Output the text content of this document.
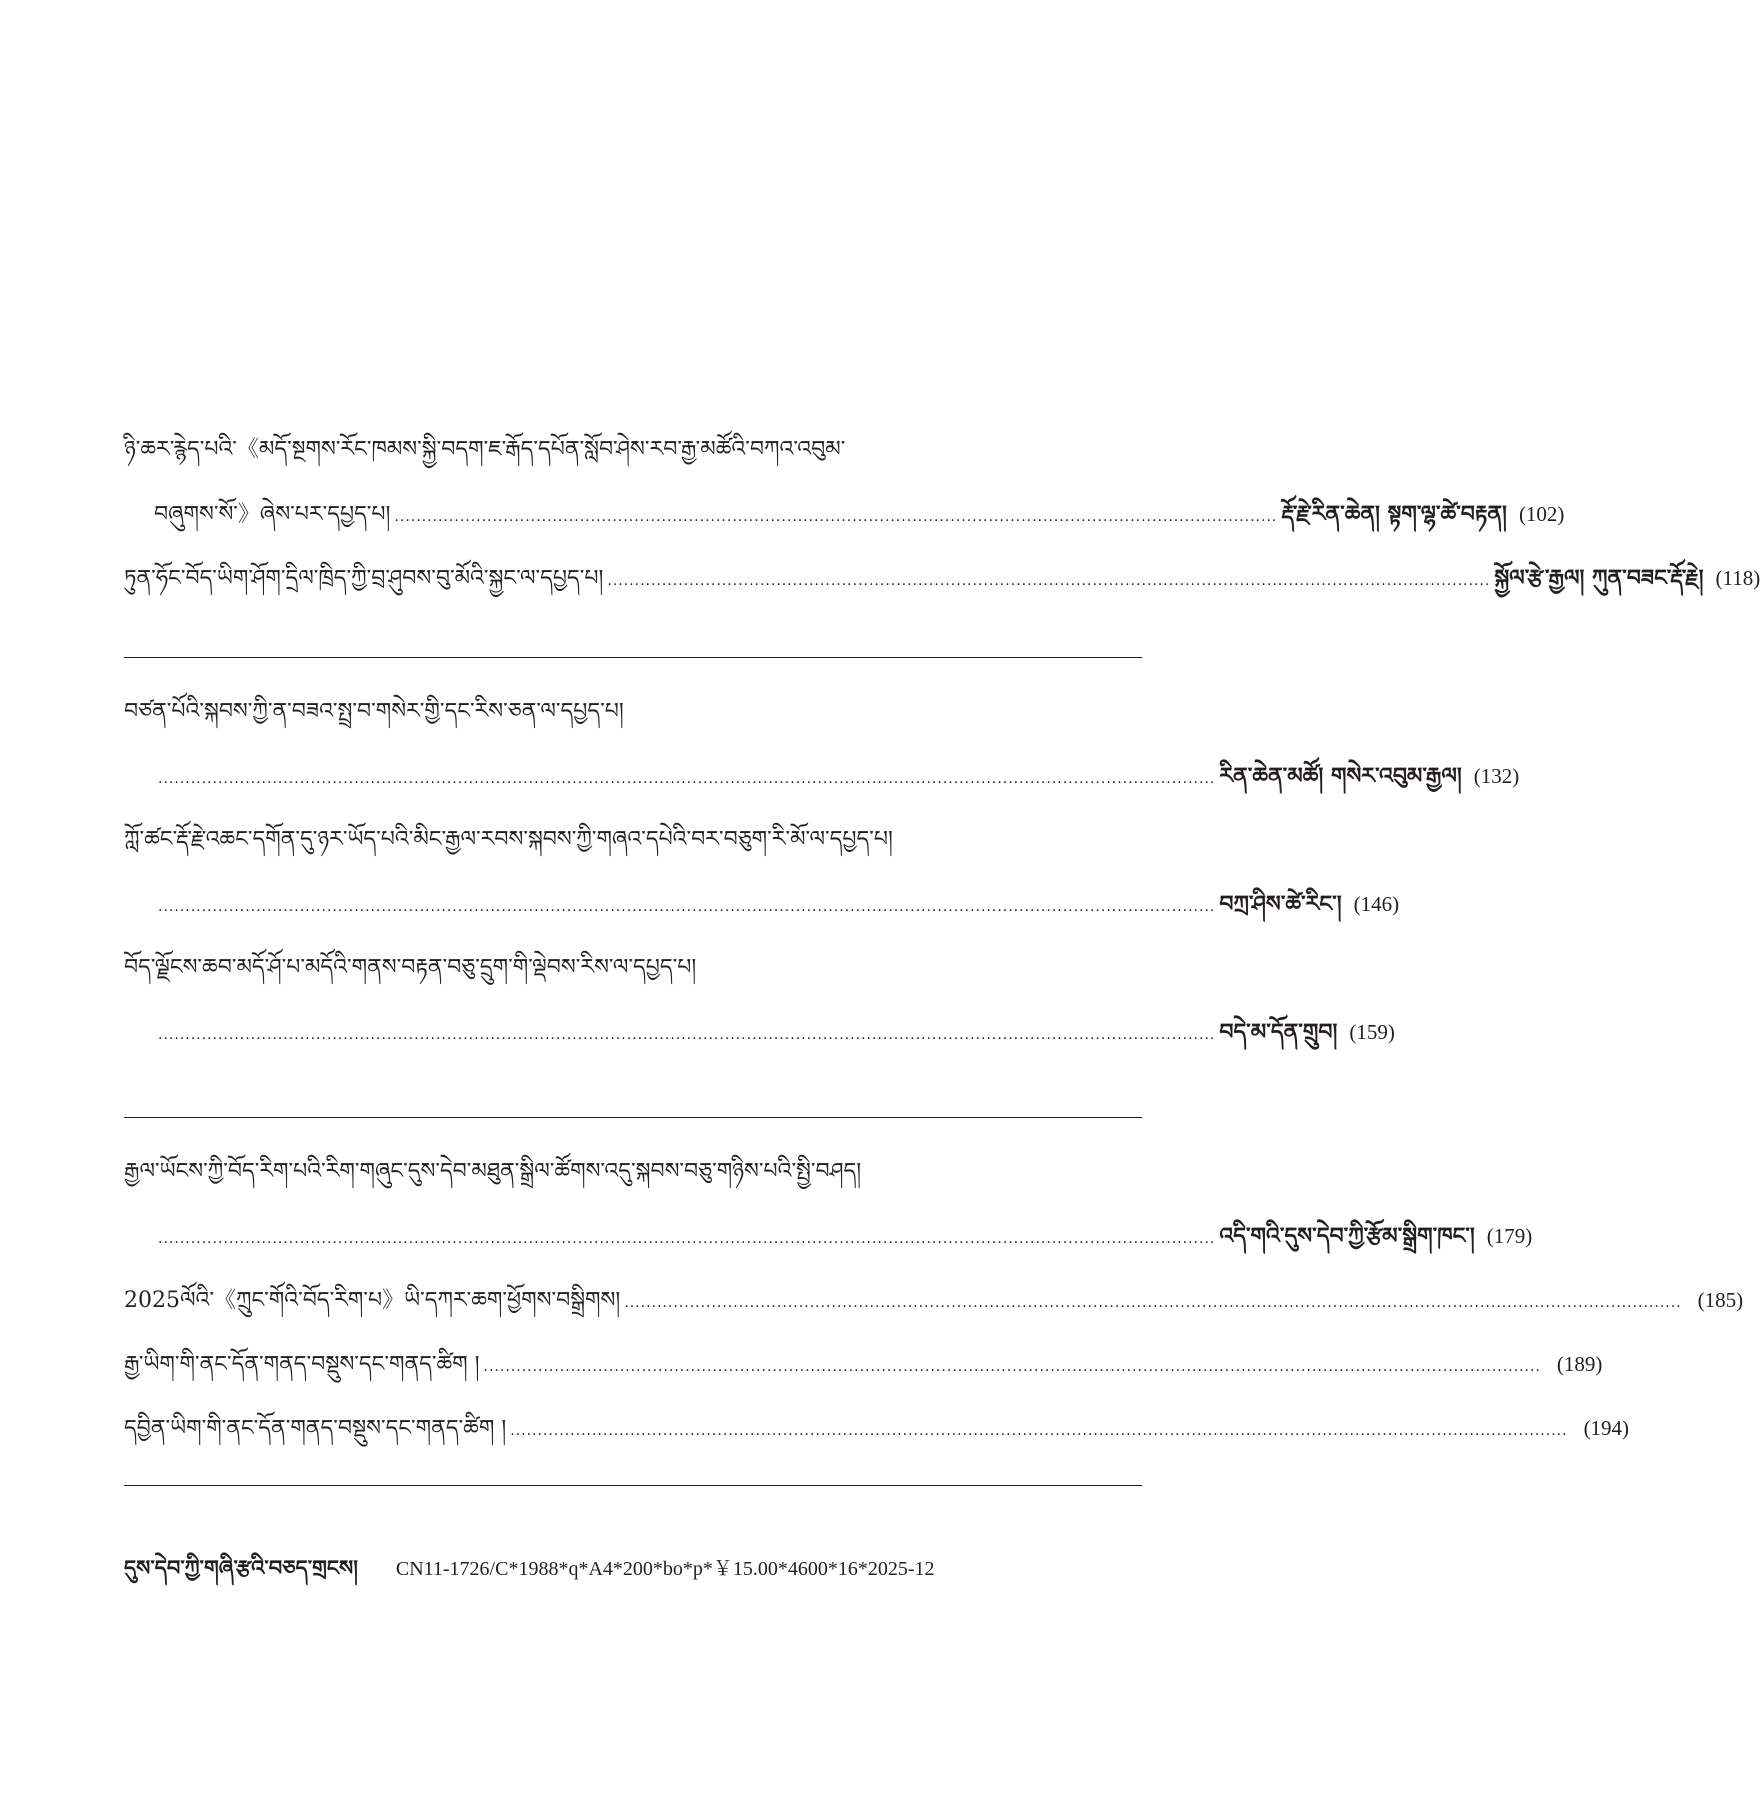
ཉི་ཆར་རྙེད་པའི་《མདོ་སྔགས་རོང་ཁམས་སྐྱི་བདག་ཇ་རྒོད་དཔོན་སློབ་ཤེས་རབ་རྒྱ་མཚོའི་བཀའ་འབུམ་
བཞུགས་སོ་》ཞེས་པར་དཔྱད་པ། .................................................................................................................................................................. རྡོ་རྗེ་རིན་ཆེན། སྟག་ལྷ་ཚེ་བརྟན། (102)
ཏུན་ཧོང་བོད་ཡིག་ཤོག་དྲིལ་ཁྲིད་ཀྱི་བྲ་ཤུབས་བུ་མོའི་སྐྱང་ལ་དཔྱད་པ། .................................................................................................................................................................. སྐྱོལ་རྩེ་རྒྱལ། ཀུན་བཟང་རྡོ་རྗེ། (118)
བཙན་པོའི་སྐབས་ཀྱི་ན་བཟའ་སྤྲ་བ་གསེར་གྱི་དང་རིས་ཅན་ལ་དཔྱད་པ།
.................................................................................................................................................................................................. རིན་ཆེན་མཚོ། གསེར་འབུམ་རྒྱལ། (132)
ཀློ་ཚང་རྡོ་རྗེ་འཆང་དགོན་དུ་ཉར་ཡོད་པའི་མིང་རྒྱལ་རབས་སྐབས་ཀྱི་གཞའ་དཔེའི་བར་བཅུག་རི་མོ་ལ་དཔྱད་པ།
.................................................................................................................................................................................................. བཀྲ་ཤིས་ཚེ་རིང་། (146)
བོད་ལྗོངས་ཆབ་མདོ་ཤོ་པ་མདོའི་གནས་བརྟན་བཅུ་དྲུག་གི་ལྡེབས་རིས་ལ་དཔྱད་པ།
.................................................................................................................................................................................................. བདེ་མ་དོན་གྲུབ། (159)
རྒྱལ་ཡོངས་ཀྱི་བོད་རིག་པའི་རིག་གཞུང་དུས་དེབ་མཐུན་སྒྲིལ་ཚོགས་འདུ་སྐབས་བཅུ་གཉིས་པའི་སྤྱི་བཤད།
.................................................................................................................................................................................................. འདི་གའི་དུས་དེབ་ཀྱི་རྩོམ་སྒྲིག་ཁང་། (179)
2025ལོའི་《ཀྲུང་གོའི་བོད་རིག་པ》ཡི་དཀར་ཆག་ཕྱོགས་བསྒྲིགས། .................................................................................................................................................................................................. (185)
རྒྱ་ཡིག་གི་ནང་དོན་གནད་བསྡུས་དང་གནད་ཚིག ། .................................................................................................................................................................................................. (189)
དབྱིན་ཡིག་གི་ནང་དོན་གནད་བསྡུས་དང་གནད་ཚིག ། .................................................................................................................................................................................................. (194)
དུས་དེབ་ཀྱི་གཞི་རྩའི་བཅད་གྲངས། CN11-1726/C*1988*q*A4*200*bo*p*￥15.00*4600*16*2025-12
